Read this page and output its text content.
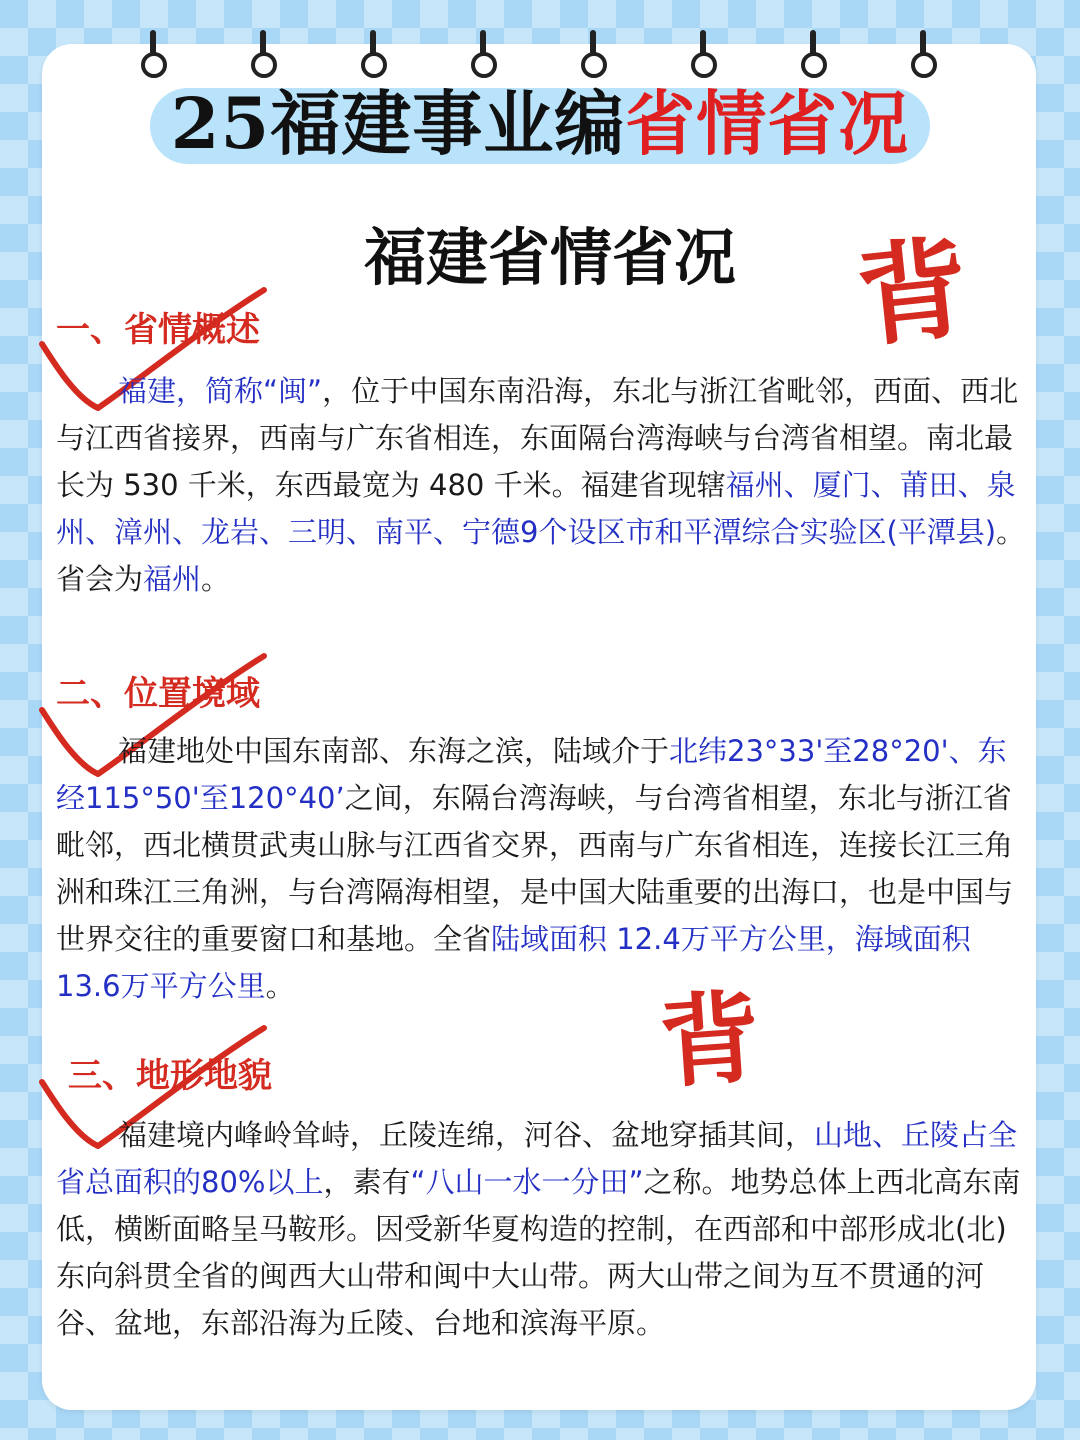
25福建事业编省情省况
福建省情省况	背
背
一、省情概述
福建，简称“闽”，位于中国东南沿海，东北与浙江省毗邻，西面、西北与江西省接界，西南与广东省相连，东面隔台湾海峡与台湾省相望。南北最长为 530 千米，东西最宽为 480 千米。福建省现辖福州、厦门、莆田、泉州、漳州、龙岩、三明、南平、宁德9个设区市和平潭综合实验区(平潭县)。省会为福州。
二、位置境域
福建地处中国东南部、东海之滨，陆域介于北纬23°33'至28°20'、东经115°50'至120°40’之间，东隔台湾海峡，与台湾省相望，东北与浙江省毗邻，西北横贯武夷山脉与江西省交界，西南与广东省相连，连接长江三角洲和珠江三角洲，与台湾隔海相望，是中国大陆重要的出海口，也是中国与世界交往的重要窗口和基地。全省陆域面积 12.4万平方公里，海域面积13.6万平方公里。
三、地形地貌
福建境内峰岭耸峙，丘陵连绵，河谷、盆地穿插其间，山地、丘陵占全省总面积的80%以上，素有“八山一水一分田”之称。地势总体上西北高东南低，横断面略呈马鞍形。因受新华夏构造的控制，在西部和中部形成北(北)东向斜贯全省的闽西大山带和闽中大山带。两大山带之间为互不贯通的河谷、盆地，东部沿海为丘陵、台地和滨海平原。
